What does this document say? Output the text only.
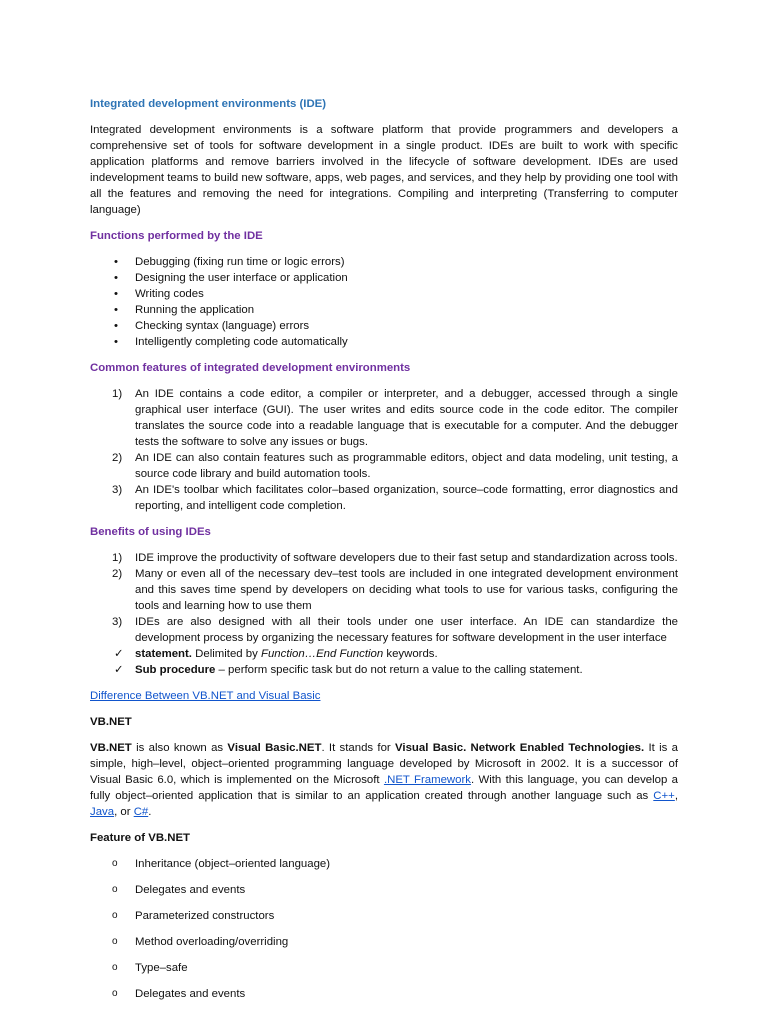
Integrated development environments (IDE)

Integrated development environments is a software platform that provide programmers and developers a comprehensive set of tools for software development in a single product. IDEs are built to work with specific application platforms and remove barriers involved in the lifecycle of software development. IDEs are used indevelopment teams to build new software, apps, web pages, and services, and they help by providing one tool with all the features and removing the need for integrations. Compiling and interpreting (Transferring to computer language)

Functions performed by the IDE
• Debugging (fixing run time or logic errors)
• Designing the user interface or application
• Writing codes
• Running the application
• Checking syntax (language) errors
• Intelligently completing code automatically
Common features of integrated development environments
1) An IDE contains a code editor, a compiler or interpreter, and a debugger, accessed through a single graphical user interface (GUI). The user writes and edits source code in the code editor. The compiler translates the source code into a readable language that is executable for a computer. And the debugger tests the software to solve any issues or bugs.
2) An IDE can also contain features such as programmable editors, object and data modeling, unit testing, a source code library and build automation tools.
3) An IDE's toolbar which facilitates color–based organization, source–code formatting, error diagnostics and reporting, and intelligent code completion.
Benefits of using IDEs
1) IDE improve the productivity of software developers due to their fast setup and standardization across tools.
2) Many or even all of the necessary dev–test tools are included in one integrated development environment and this saves time spend by developers on deciding what tools to use for various tasks, configuring the tools and learning how to use them
3) IDEs are also designed with all their tools under one user interface. An IDE can standardize the development process by organizing the necessary features for software development in the user interface
✓ statement. Delimited by Function…End Function keywords.
✓ Sub procedure – perform specific task but do not return a value to the calling statement.
Difference Between VB.NET and Visual Basic
VB.NET

VB.NET is also known as Visual Basic.NET. It stands for Visual Basic. Network Enabled Technologies. It is a simple, high–level, object–oriented programming language developed by Microsoft in 2002. It is a successor of Visual Basic 6.0, which is implemented on the Microsoft .NET Framework. With this language, you can develop a fully object–oriented application that is similar to an application created through another language such as C++, Java, or C#.

Feature of VB.NET
o Inheritance (object–oriented language)
o Delegates and events
o Parameterized constructors
o Method overloading/overriding
o Type–safe
o Delegates and events
